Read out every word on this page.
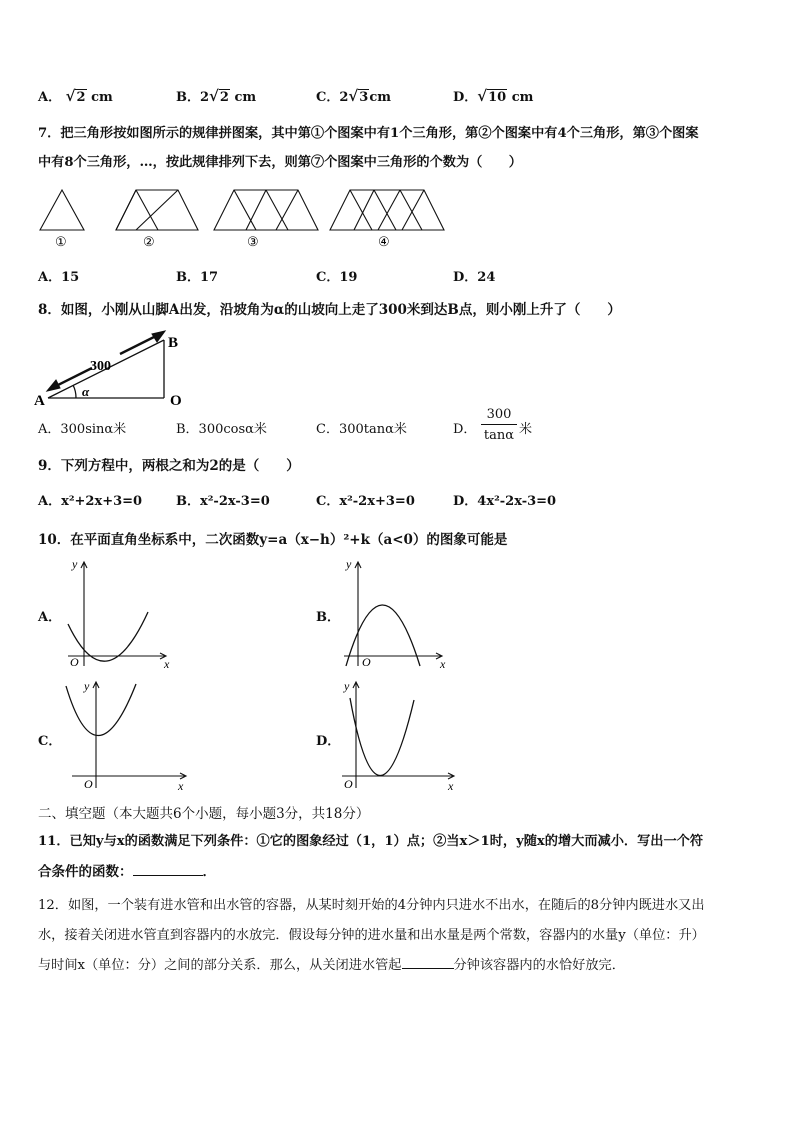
A． √2 cm	B．2√2 cm	C．2√3cm	D．√10 cm
7．把三角形按如图所示的规律拼图案，其中第①个图案中有1个三角形，第②个图案中有4个三角形，第③个图案
中有8个三角形，…，按此规律排列下去，则第⑦个图案中三角形的个数为（　　）
①	②	③	④
A．15	B．17	C．19	D．24
8．如图，小刚从山脚A出发，沿坡角为α的山坡向上走了300米到达B点，则小刚上升了（　　）
A
B
O
300
α
A．300sinα米	B．300cosα米	C．300tanα米	D．
300
tanα 米
9．下列方程中，两根之和为2的是（　　）
A．x²+2x+3=0	B．x²-2x-3=0	C．x²-2x+3=0	D．4x²-2x-3=0
10．在平面直角坐标系中，二次函数y=a（x−h）²+k（a<0）的图象可能是
A．
y
x
O
B．
y
x
O
C．
y
x
O
D．
y
x
O
二、填空题（本大题共6个小题，每小题3分，共18分）
11．已知y与x的函数满足下列条件：①它的图象经过（1，1）点；②当x＞1时，y随x的增大而减小．写出一个符
合条件的函数：	．
12．如图，一个装有进水管和出水管的容器，从某时刻开始的4分钟内只进水不出水，在随后的8分钟内既进水又出
水，接着关闭进水管直到容器内的水放完．假设每分钟的进水量和出水量是两个常数，容器内的水量y（单位：升）
与时间x（单位：分）之间的部分关系．那么，从关闭进水管起	分钟该容器内的水恰好放完．
